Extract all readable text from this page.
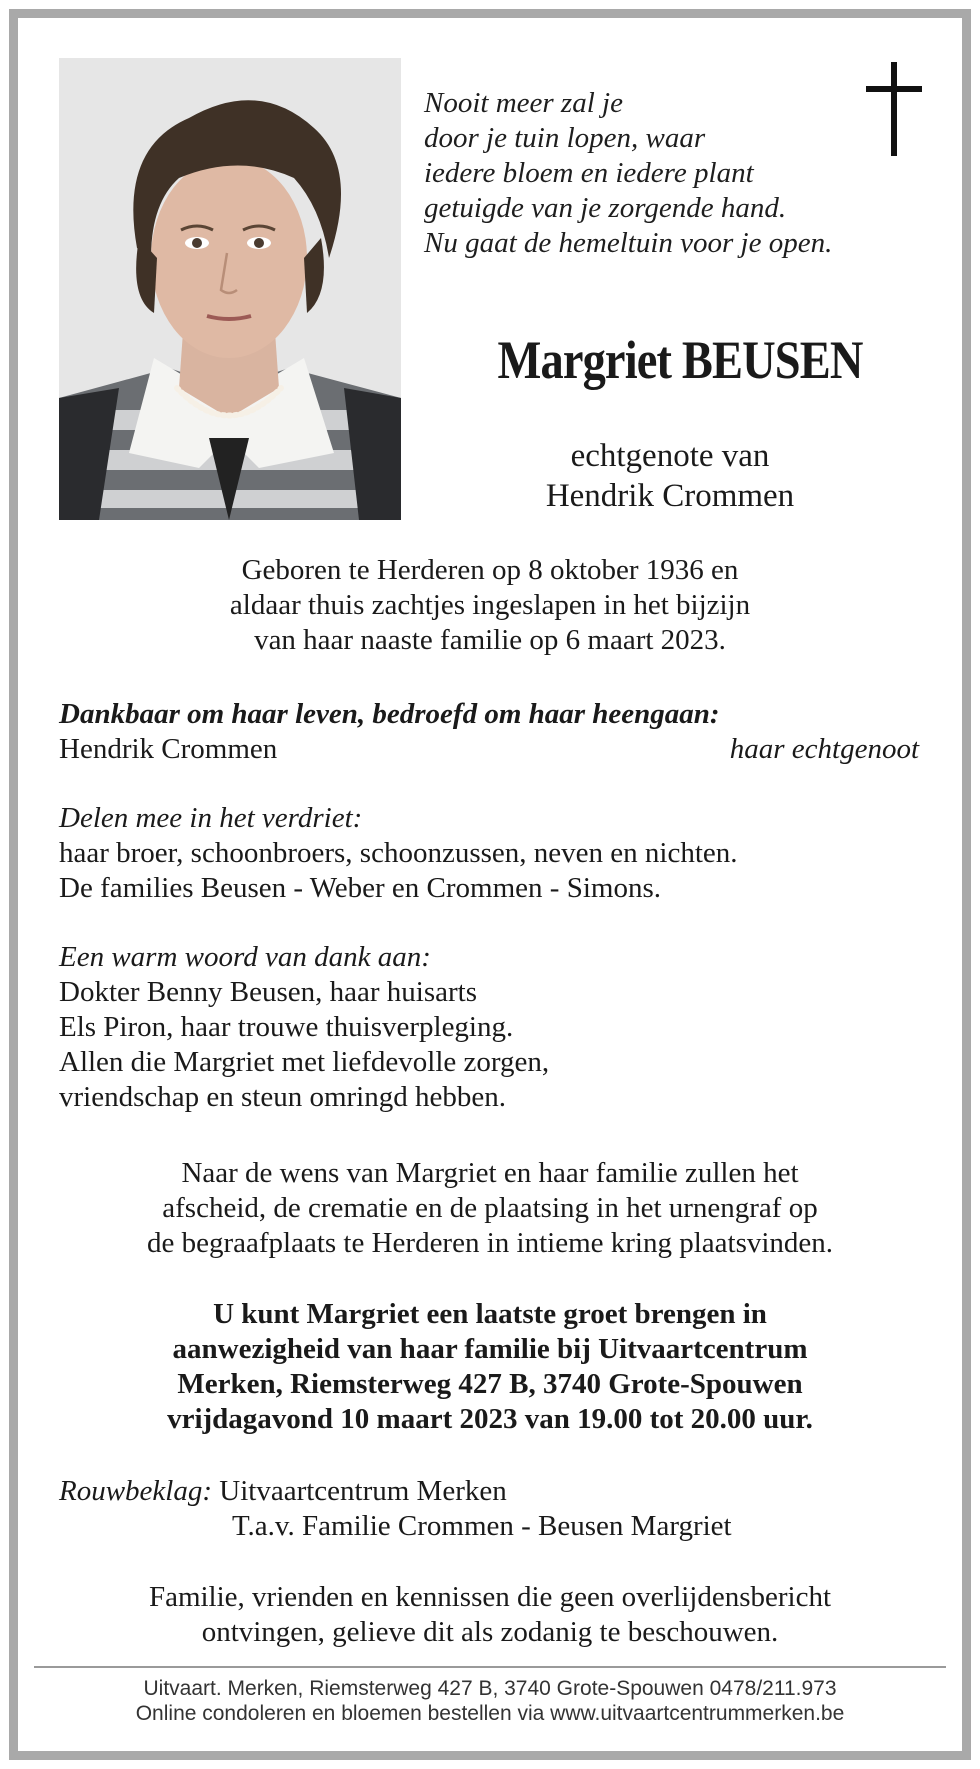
Nooit meer zal je
door je tuin lopen, waar
iedere bloem en iedere plant
getuigde van je zorgende hand.
Nu gaat de hemeltuin voor je open.
Margriet BEUSEN
echtgenote van
Hendrik Crommen
Geboren te Herderen op 8 oktober 1936 en
aldaar thuis zachtjes ingeslapen in het bijzijn
van haar naaste familie op 6 maart 2023.
Dankbaar om haar leven, bedroefd om haar heengaan:
Hendrik Crommen	haar echtgenoot
Delen mee in het verdriet:
haar broer, schoonbroers, schoonzussen, neven en nichten.
De families Beusen - Weber en Crommen - Simons.
Een warm woord van dank aan:
Dokter Benny Beusen, haar huisarts
Els Piron, haar trouwe thuisverpleging.
Allen die Margriet met liefdevolle zorgen,
vriendschap en steun omringd hebben.
Naar de wens van Margriet en haar familie zullen het
afscheid, de crematie en de plaatsing in het urnengraf op
de begraafplaats te Herderen in intieme kring plaatsvinden.
U kunt Margriet een laatste groet brengen in
aanwezigheid van haar familie bij Uitvaartcentrum
Merken, Riemsterweg 427 B, 3740 Grote-Spouwen
vrijdagavond 10 maart 2023 van 19.00 tot 20.00 uur.
Rouwbeklag: Uitvaartcentrum Merken
T.a.v. Familie Crommen - Beusen Margriet
Familie, vrienden en kennissen die geen overlijdensbericht
ontvingen, gelieve dit als zodanig te beschouwen.
Uitvaart. Merken, Riemsterweg 427 B, 3740 Grote-Spouwen 0478/211.973
Online condoleren en bloemen bestellen via www.uitvaartcentrummerken.be
